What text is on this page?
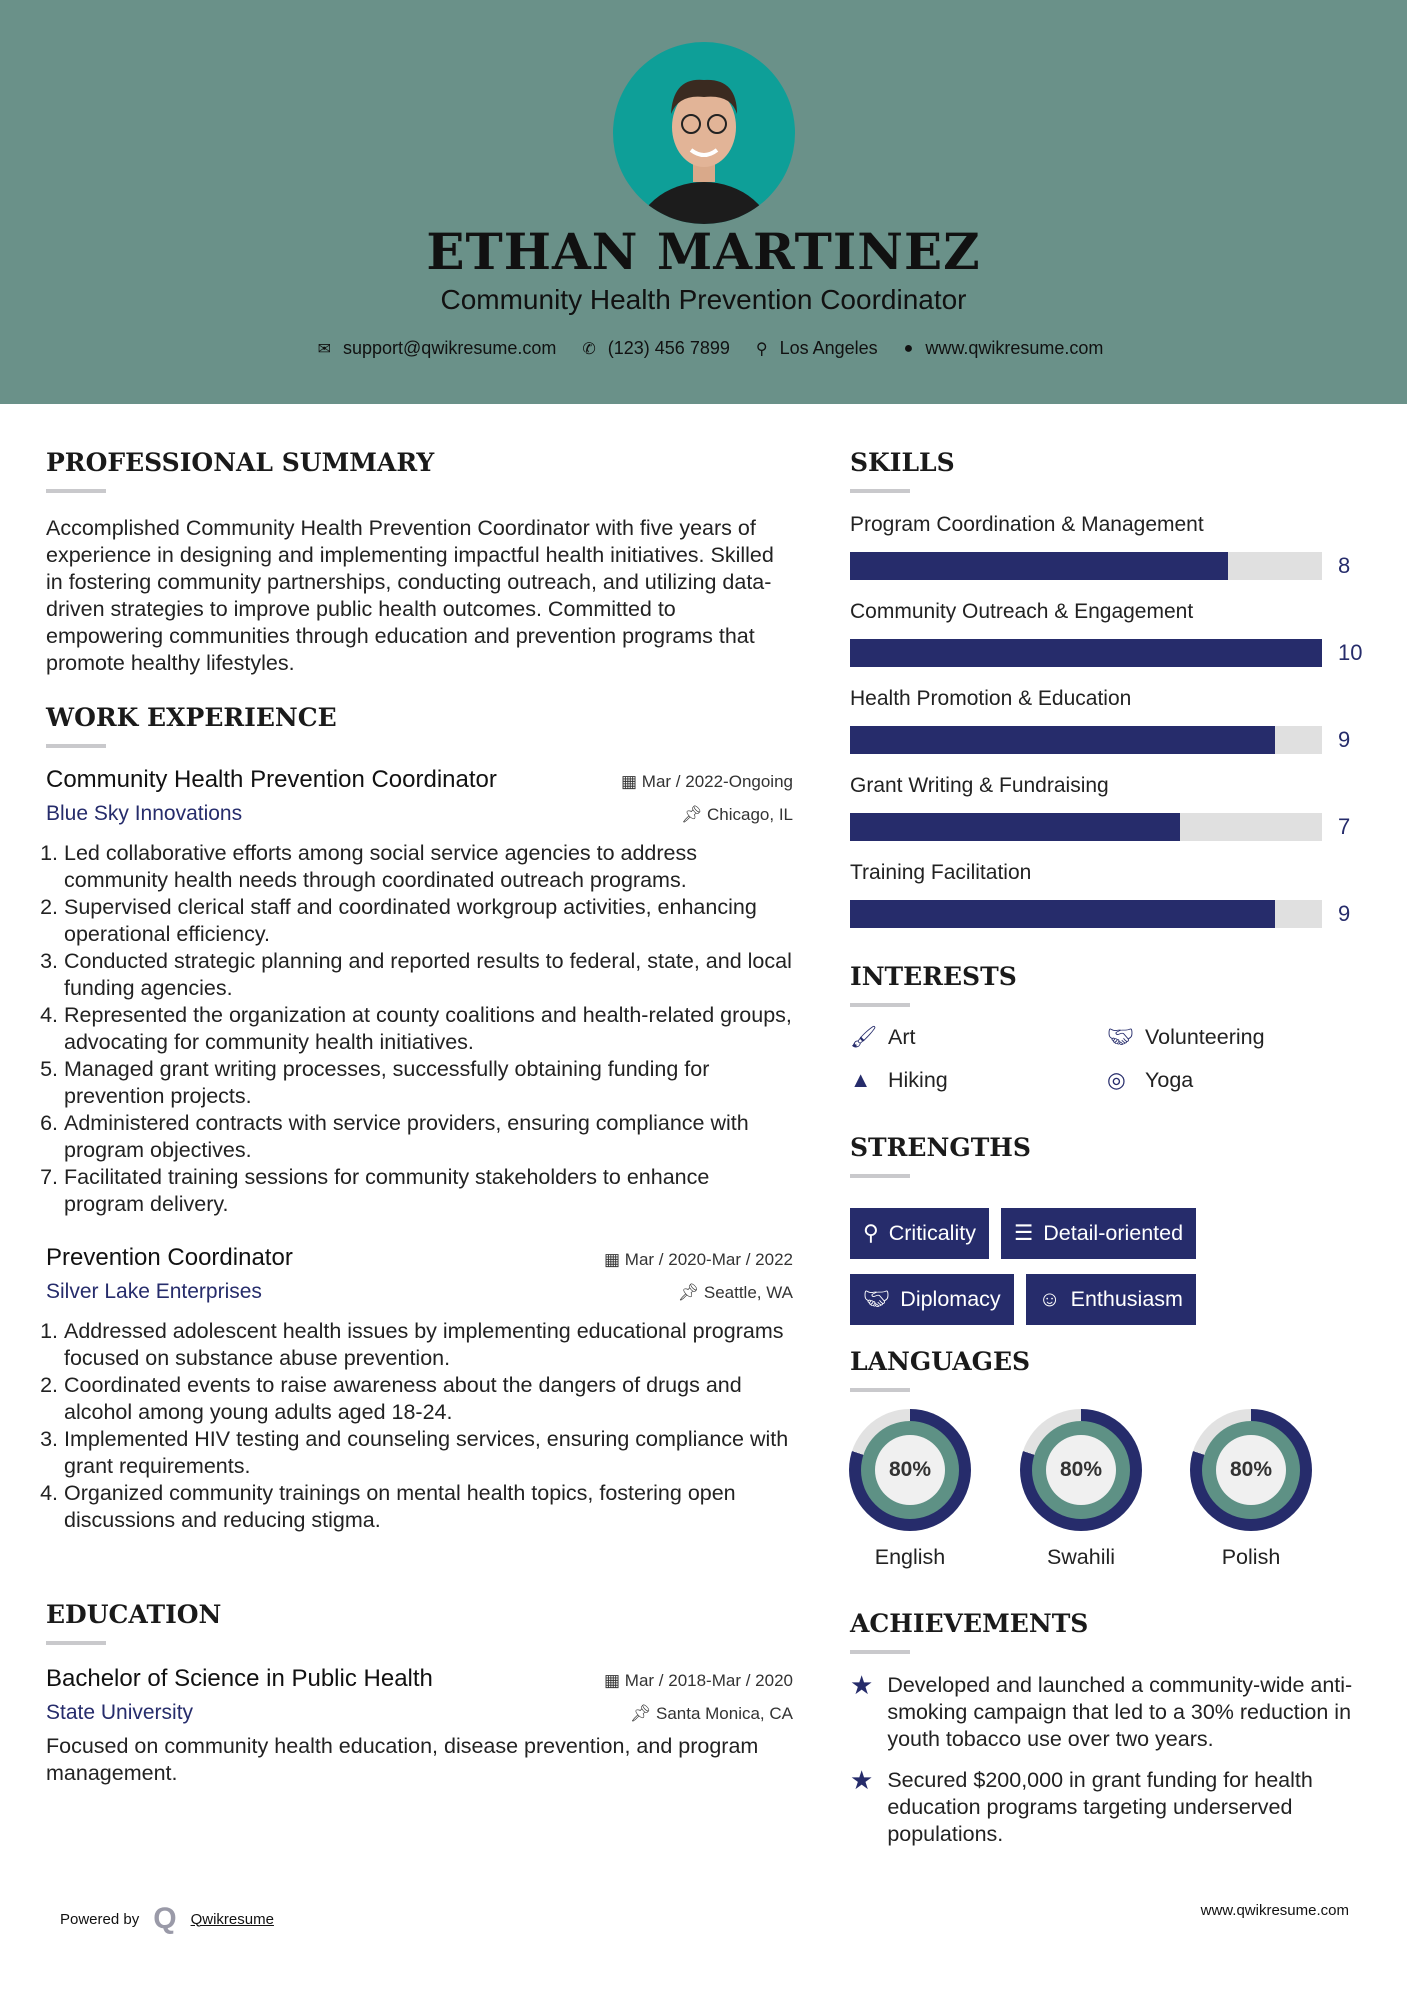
ETHAN MARTINEZ
Community Health Prevention Coordinator
✉ support@qwikresume.com ✆ (123) 456 7899 ⚲ Los Angeles ● www.qwikresume.com
PROFESSIONAL SUMMARY
Accomplished Community Health Prevention Coordinator with five years of experience in designing and implementing impactful health initiatives. Skilled in fostering community partnerships, conducting outreach, and utilizing data-driven strategies to improve public health outcomes. Committed to empowering communities through education and prevention programs that promote healthy lifestyles.
WORK EXPERIENCE
Community Health Prevention Coordinator	▦ Mar / 2022-Ongoing
Blue Sky Innovations	📌︎ Chicago, IL
1. Led collaborative efforts among social service agencies to address community health needs through coordinated outreach programs.
2. Supervised clerical staff and coordinated workgroup activities, enhancing operational efficiency.
3. Conducted strategic planning and reported results to federal, state, and local funding agencies.
4. Represented the organization at county coalitions and health-related groups, advocating for community health initiatives.
5. Managed grant writing processes, successfully obtaining funding for prevention projects.
6. Administered contracts with service providers, ensuring compliance with program objectives.
7. Facilitated training sessions for community stakeholders to enhance program delivery.
Prevention Coordinator	▦ Mar / 2020-Mar / 2022
Silver Lake Enterprises	📌︎ Seattle, WA
1. Addressed adolescent health issues by implementing educational programs focused on substance abuse prevention.
2. Coordinated events to raise awareness about the dangers of drugs and alcohol among young adults aged 18-24.
3. Implemented HIV testing and counseling services, ensuring compliance with grant requirements.
4. Organized community trainings on mental health topics, fostering open discussions and reducing stigma.
EDUCATION
Bachelor of Science in Public Health	▦ Mar / 2018-Mar / 2020
State University	📌︎ Santa Monica, CA
Focused on community health education, disease prevention, and program management.
SKILLS
Program Coordination & Management
8
Community Outreach & Engagement
10
Health Promotion & Education
9
Grant Writing & Fundraising
7
Training Facilitation
9
INTERESTS
🖌︎ Art	🤝︎ Volunteering
▲ Hiking	◎ Yoga
STRENGTHS
⚲ Criticality ☰ Detail-oriented
🤝︎ Diplomacy ☺ Enthusiasm
LANGUAGES
80%
English
80%
Swahili
80%
Polish
ACHIEVEMENTS
★ Developed and launched a community-wide anti-smoking campaign that led to a 30% reduction in youth tobacco use over two years.
★ Secured $200,000 in grant funding for health education programs targeting underserved populations.
Powered by Q Qwikresume	www.qwikresume.com
